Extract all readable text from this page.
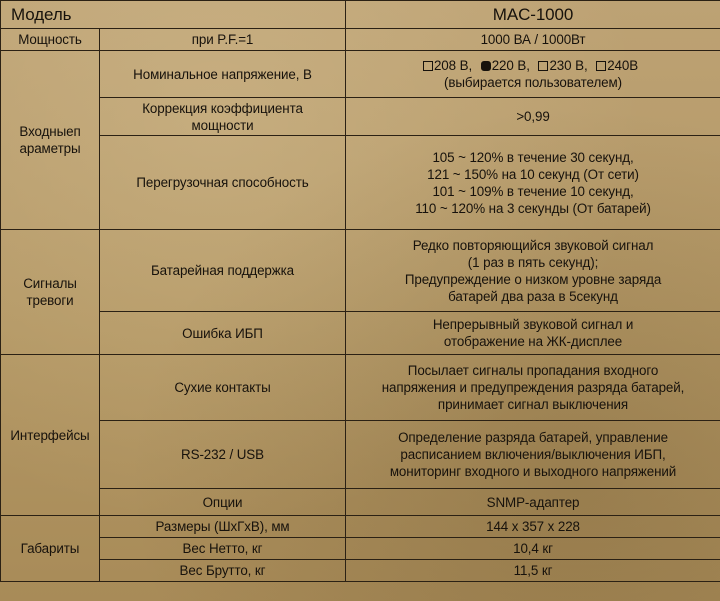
Модель		MAC-1000
Мощность	при P.F.=1	1000 ВА / 1000Вт

Входныеп
араметры	Номинальное напряжение, В	208 В, 220 В, 230 В, 240В
(выбирается пользователем)

	Коррекция коэффициента
мощности	>0,99
	Перегрузочная способность	105 ~ 120% в течение 30 секунд,
121 ~ 150% на 10 секунд (От сети)
101 ~ 109% в течение 10 секунд,
110 ~ 120% на 3 секунды (От батарей)

Сигналы
тревоги	Батарейная поддержка	Редко повторяющийся звуковой сигнал
(1 раз в пять секунд);
Предупреждение о низком уровне заряда
батарей два раза в 5секунд

	Ошибка ИБП	Непрерывный звуковой сигнал и
отображение на ЖК-дисплее

Интерфейсы	Сухие контакты	Посылает сигналы пропадания входного
напряжения и предупреждения разряда батарей,
принимает сигнал выключения

	RS-232 / USB	Определение разряда батарей, управление
расписанием включения/выключения ИБП,
мониторинг входного и выходного напряжений

	Опции	SNMP-адаптер
Габариты	Размеры (ШхГхВ), мм	144 x 357 x 228
	Вес Нетто, кг	10,4 кг
	Вес Брутто, кг	11,5 кг
